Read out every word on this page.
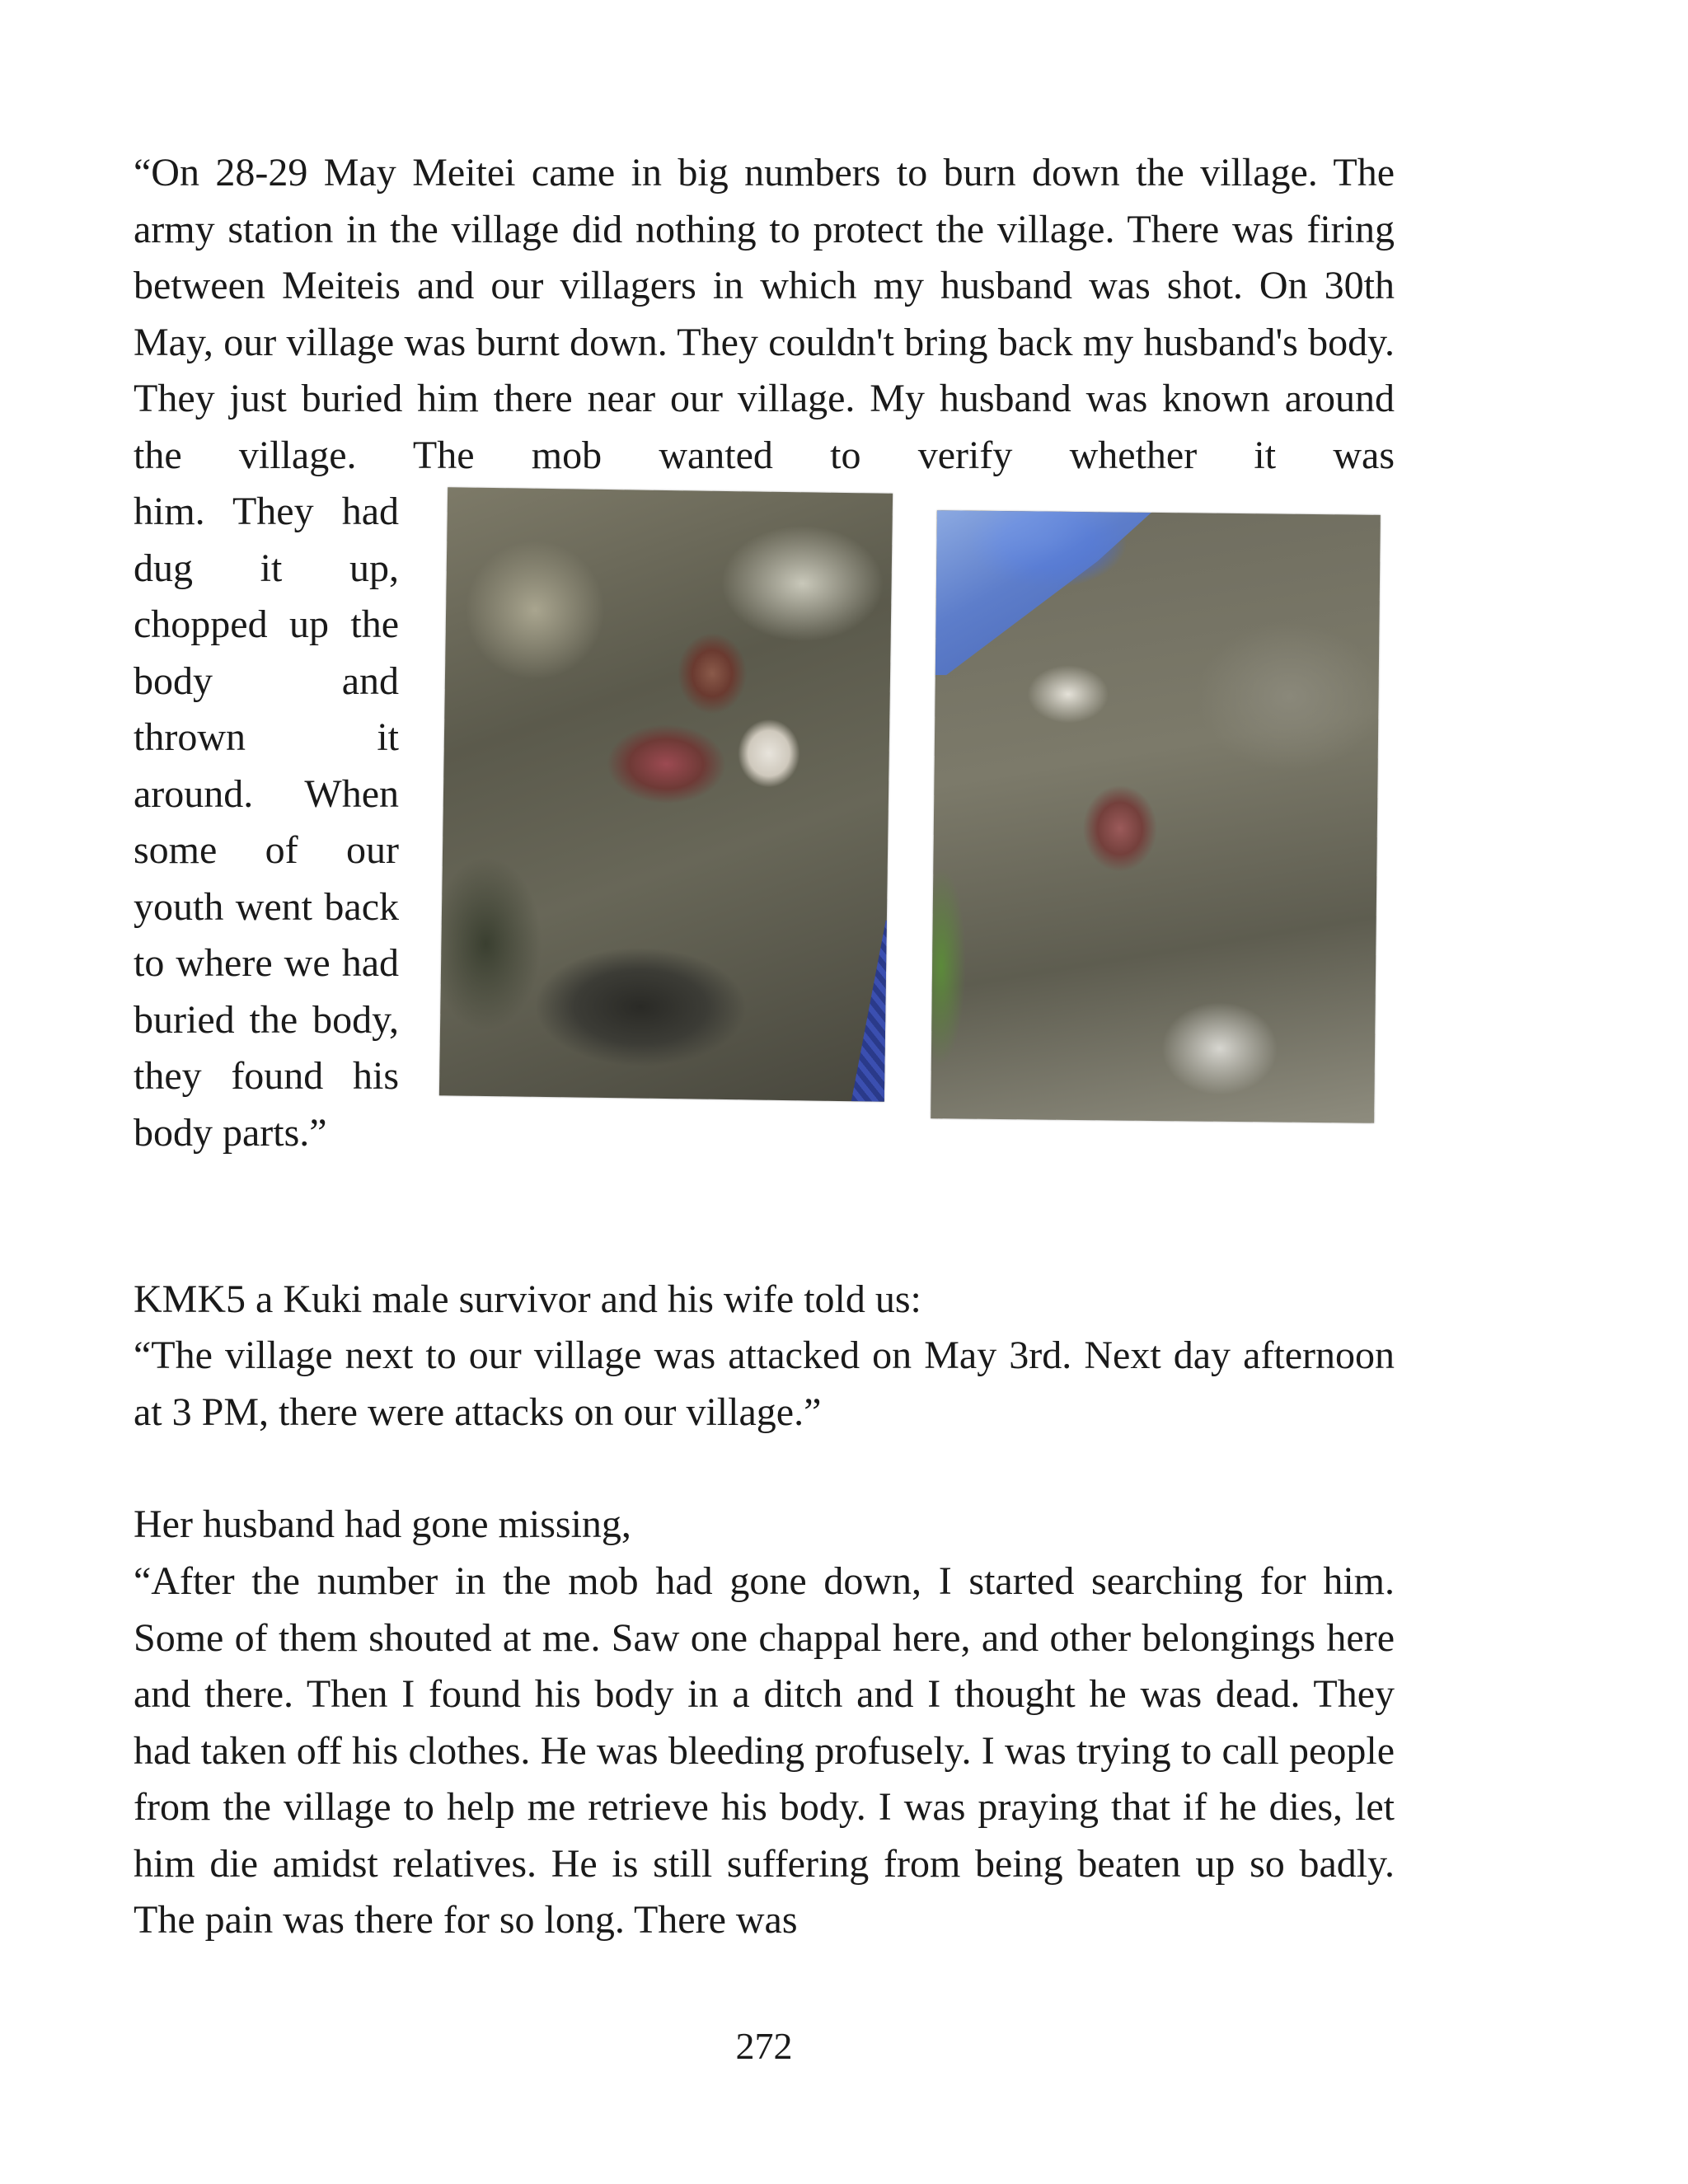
“On 28-29 May Meitei came in big numbers to burn down the village. The army station in the village did nothing to protect the village. There was firing between Meiteis and our villagers in which my husband was shot. On 30th May, our village was burnt down. They couldn't bring back my husband's body. They just buried him there near our village. My husband was known around the village. The mob wanted to verify whether it was

him. They had dug it up, chopped up the body and thrown it around. When some of our youth went back to where we had buried the body, they found his body parts.”

KMK5 a Kuki male survivor and his wife told us:

“The village next to our village was attacked on May 3rd. Next day afternoon at 3 PM, there were attacks on our village.”

Her husband had gone missing,

“After the number in the mob had gone down, I started searching for him. Some of them shouted at me. Saw one chappal here, and other belongings here and there. Then I found his body in a ditch and I thought he was dead. They had taken off his clothes. He was bleeding profusely. I was trying to call people from the village to help me retrieve his body. I was praying that if he dies, let him die amidst relatives. He is still suffering from being beaten up so badly. The pain was there for so long. There was

272
